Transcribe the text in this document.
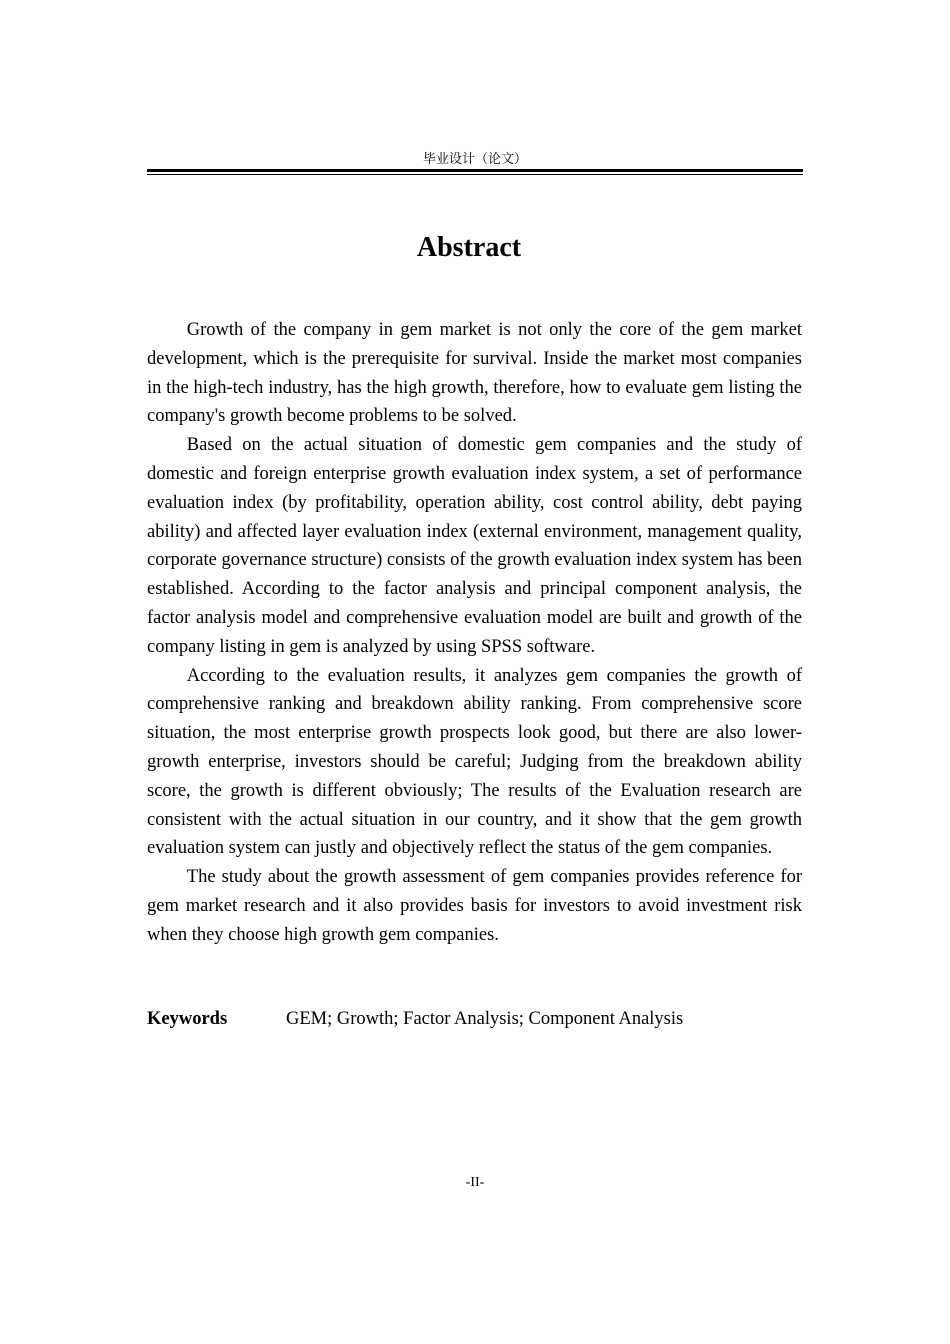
毕业设计（论文）
Abstract

Growth of the company in gem market is not only the core of the gem market development, which is the prerequisite for survival. Inside the market most companies in the high-tech industry, has the high growth, therefore, how to evaluate gem listing the company's growth become problems to be solved.

Based on the actual situation of domestic gem companies and the study of domestic and foreign enterprise growth evaluation index system, a set of performance evaluation index (by profitability, operation ability, cost control ability, debt paying ability) and affected layer evaluation index (external environment, management quality, corporate governance structure) consists of the growth evaluation index system has been established. According to the factor analysis and principal component analysis, the factor analysis model and comprehensive evaluation model are built and growth of the company listing in gem is analyzed by using SPSS software.

According to the evaluation results, it analyzes gem companies the growth of comprehensive ranking and breakdown ability ranking. From comprehensive score situation, the most enterprise growth prospects look good, but there are also lower-growth enterprise, investors should be careful; Judging from the breakdown ability score, the growth is different obviously; The results of the Evaluation research are consistent with the actual situation in our country, and it show that the gem growth evaluation system can justly and objectively reflect the status of the gem companies.

The study about the growth assessment of gem companies provides reference for gem market research and it also provides basis for investors to avoid investment risk when they choose high growth gem companies.

Keywords	GEM; Growth; Factor Analysis; Component Analysis
-II-
